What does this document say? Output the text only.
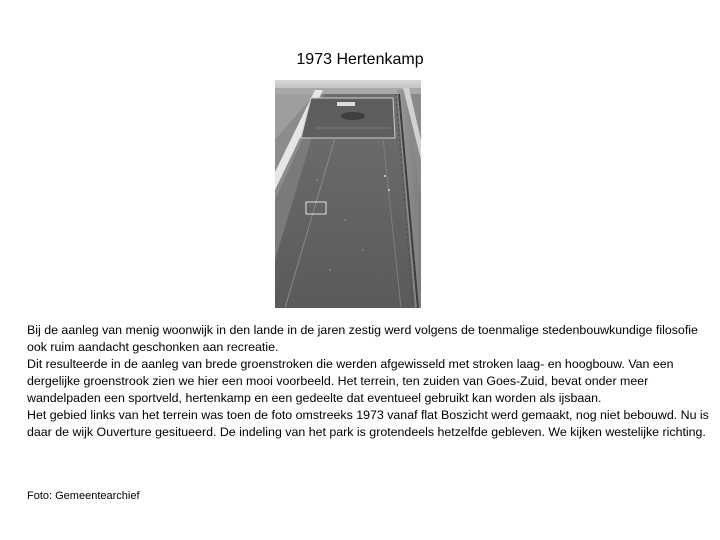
1973 Hertenkamp

Bij de aanleg van menig woonwijk in den lande in de jaren zestig werd volgens de toenmalige stedenbouwkundige filosofie ook ruim aandacht geschonken aan recreatie.

Dit resulteerde in de aanleg van brede groenstroken die werden afgewisseld met stroken laag- en hoogbouw. Van een dergelijke groenstrook zien we hier een mooi voorbeeld. Het terrein, ten zuiden van Goes-Zuid, bevat onder meer wandelpaden een sportveld, hertenkamp en een gedeelte dat eventueel gebruikt kan worden als ijsbaan.

Het gebied links van het terrein was toen de foto omstreeks 1973 vanaf flat Boszicht werd gemaakt, nog niet bebouwd. Nu is daar de wijk Ouverture gesitueerd. De indeling van het park is grotendeels hetzelfde gebleven. We kijken westelijke richting.

Foto: Gemeentearchief
